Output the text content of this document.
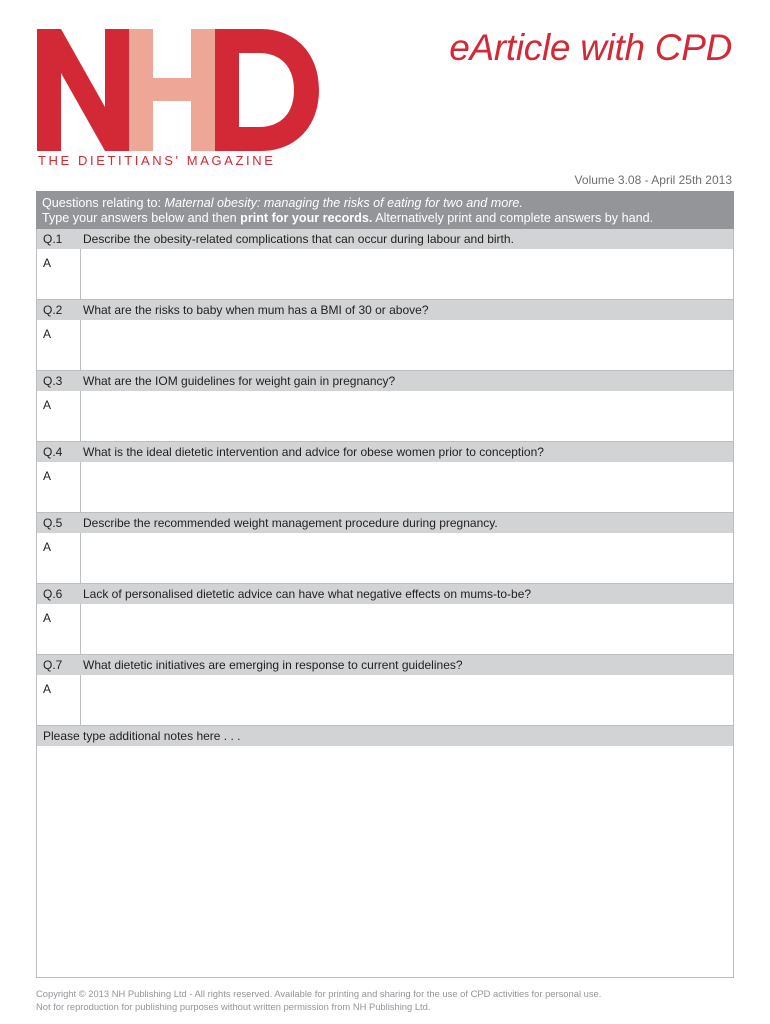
THE DIETITIANS' MAGAZINE
eArticle with CPD
Volume 3.08 - April 25th 2013
Questions relating to: Maternal obesity: managing the risks of eating for two and more.
Type your answers below and then print for your records. Alternatively print and complete answers by hand.
Q.1	Describe the obesity-related complications that can occur during labour and birth.
A
Q.2	What are the risks to baby when mum has a BMI of 30 or above?
A
Q.3	What are the IOM guidelines for weight gain in pregnancy?
A
Q.4	What is the ideal dietetic intervention and advice for obese women prior to conception?
A
Q.5	Describe the recommended weight management procedure during pregnancy.
A
Q.6	Lack of personalised dietetic advice can have what negative effects on mums-to-be?
A
Q.7	What dietetic initiatives are emerging in response to current guidelines?
A
Please type additional notes here . . .
Copyright © 2013 NH Publishing Ltd - All rights reserved. Available for printing and sharing for the use of CPD activities for personal use.
Not for reproduction for publishing purposes without written permission from NH Publishing Ltd.
